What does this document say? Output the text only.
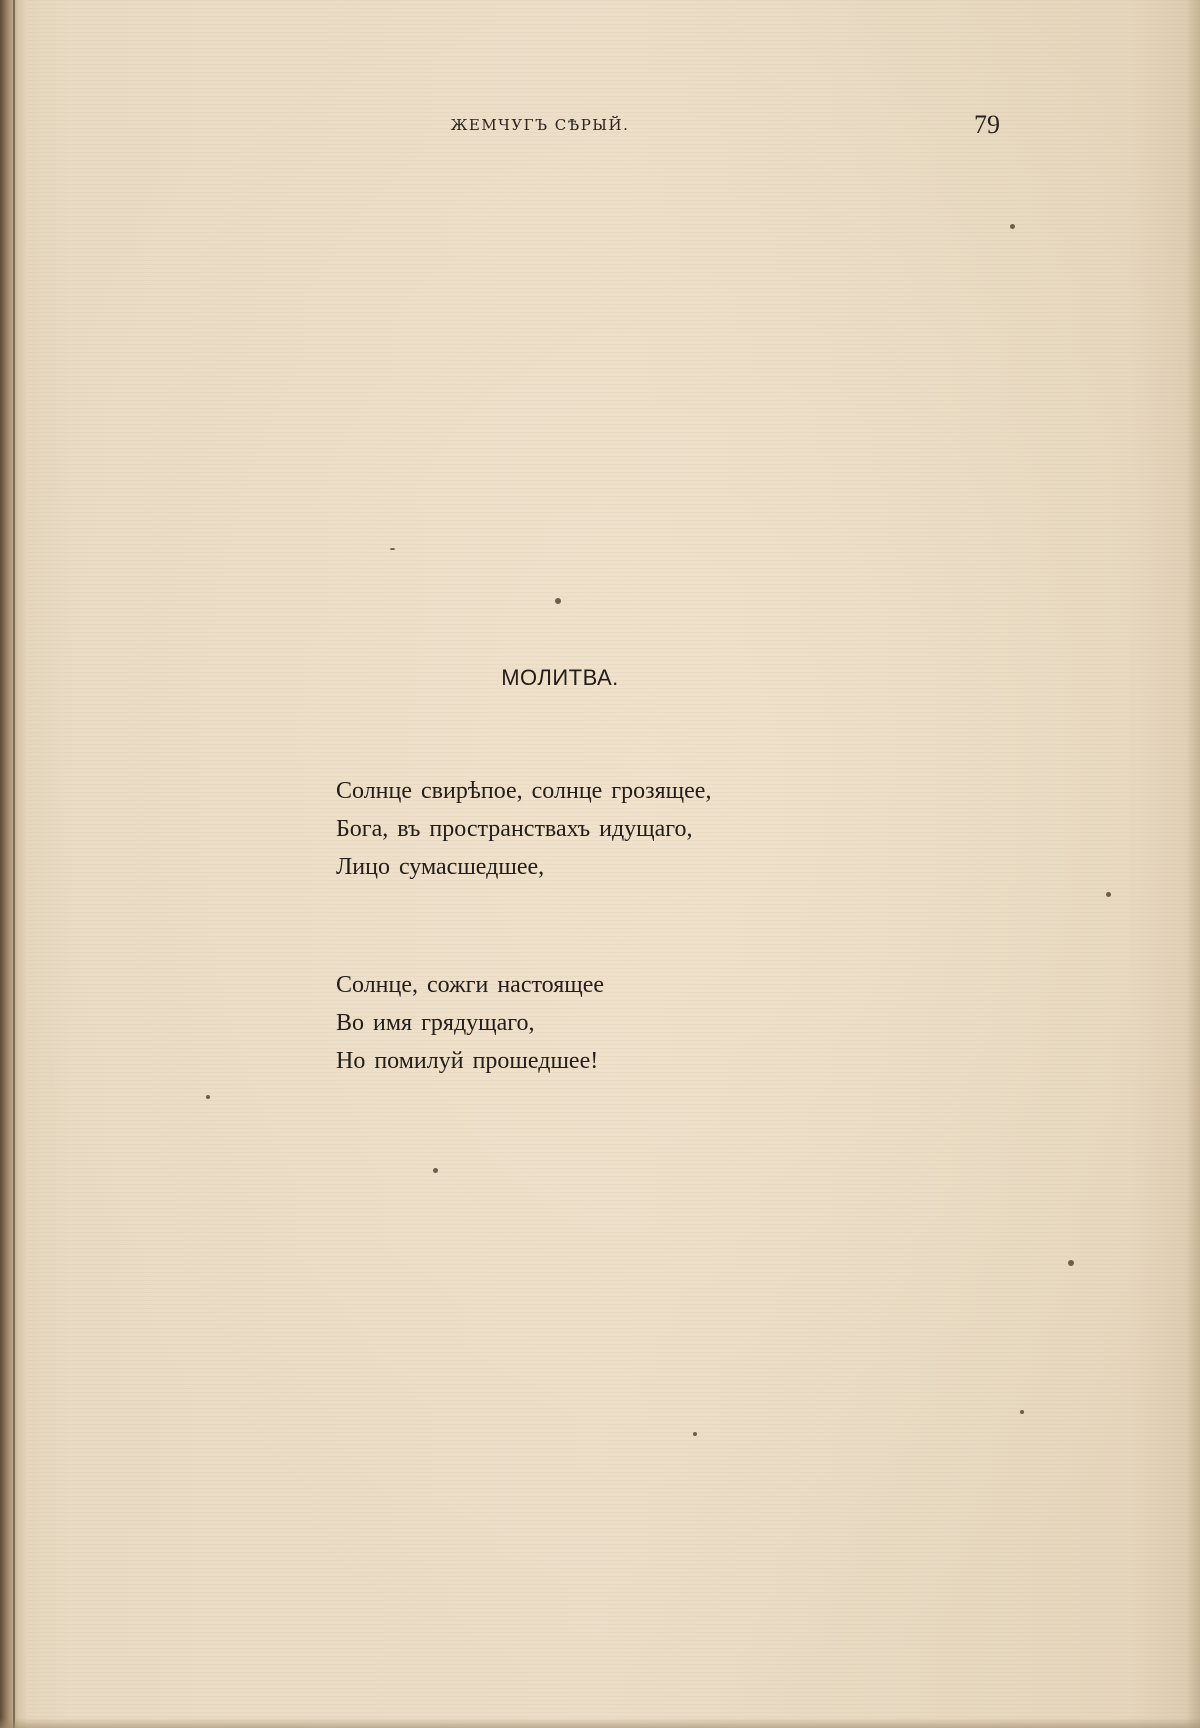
ЖЕМЧУГЪ СѢРЫЙ.	79
МОЛИТВА.
Солнце свирѣпое, солнце грозящее,
Бога, въ пространствахъ идущаго,
Лицо сумасшедшее,
Солнце, сожги настоящее
Во имя грядущаго,
Но помилуй прошедшее!
